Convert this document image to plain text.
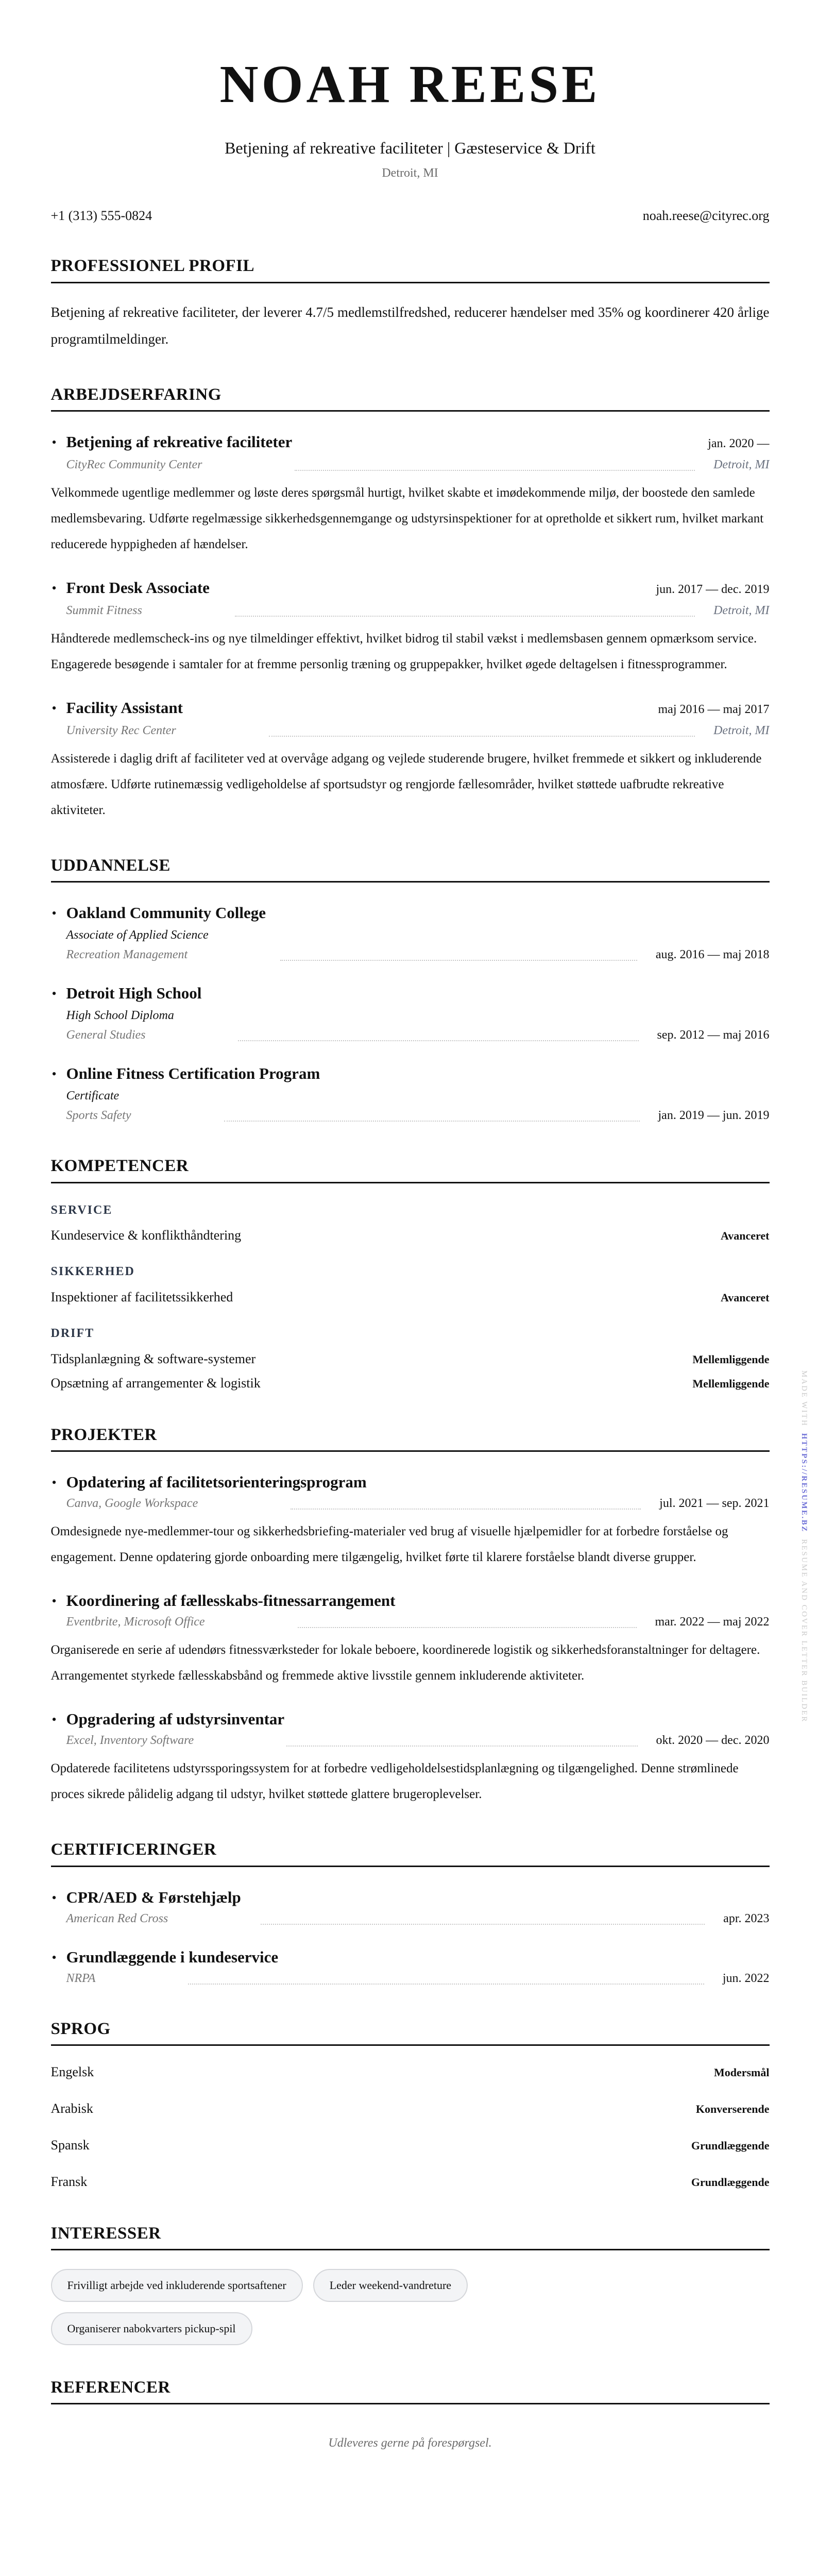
NOAH REESE
Betjening af rekreative faciliteter | Gæsteservice & Drift
Detroit, MI
+1 (313) 555-0824	noah.reese@cityrec.org
PROFESSIONEL PROFIL

Betjening af rekreative faciliteter, der leverer 4.7/5 medlemstilfredshed, reducerer hændelser med 35% og koordinerer 420 årlige programtilmeldinger.

ARBEJDSERFARING
• Betjening af rekreative faciliteter	jan. 2020 —
CityRec Community Center	Detroit, MI

Velkommede ugentlige medlemmer og løste deres spørgsmål hurtigt, hvilket skabte et imødekommende miljø, der boostede den samlede medlemsbevaring. Udførte regelmæssige sikkerhedsgennemgange og udstyrsinspektioner for at opretholde et sikkert rum, hvilket markant reducerede hyppigheden af hændelser.

• Front Desk Associate	jun. 2017 — dec. 2019
Summit Fitness	Detroit, MI

Håndterede medlemscheck-ins og nye tilmeldinger effektivt, hvilket bidrog til stabil vækst i medlemsbasen gennem opmærksom service. Engagerede besøgende i samtaler for at fremme personlig træning og gruppepakker, hvilket øgede deltagelsen i fitnessprogrammer.

• Facility Assistant	maj 2016 — maj 2017
University Rec Center	Detroit, MI

Assisterede i daglig drift af faciliteter ved at overvåge adgang og vejlede studerende brugere, hvilket fremmede et sikkert og inkluderende atmosfære. Udførte rutinemæssig vedligeholdelse af sportsudstyr og rengjorde fællesområder, hvilket støttede uafbrudte rekreative aktiviteter.

UDDANNELSE
• Oakland Community College
Associate of Applied Science
Recreation Management	aug. 2016 — maj 2018
• Detroit High School
High School Diploma
General Studies	sep. 2012 — maj 2016
• Online Fitness Certification Program
Certificate
Sports Safety	jan. 2019 — jun. 2019
KOMPETENCER
SERVICE
Kundeservice & konflikthåndtering	Avanceret
SIKKERHED
Inspektioner af facilitetssikkerhed	Avanceret
DRIFT
Tidsplanlægning & software-systemer	Mellemliggende
Opsætning af arrangementer & logistik	Mellemliggende
PROJEKTER
• Opdatering af facilitetsorienteringsprogram
Canva, Google Workspace	jul. 2021 — sep. 2021

Omdesignede nye-medlemmer-tour og sikkerhedsbriefing-materialer ved brug af visuelle hjælpemidler for at forbedre forståelse og engagement. Denne opdatering gjorde onboarding mere tilgængelig, hvilket førte til klarere forståelse blandt diverse grupper.

• Koordinering af fællesskabs-fitnessarrangement
Eventbrite, Microsoft Office	mar. 2022 — maj 2022

Organiserede en serie af udendørs fitnessværksteder for lokale beboere, koordinerede logistik og sikkerhedsforanstaltninger for deltagere. Arrangementet styrkede fællesskabsbånd og fremmede aktive livsstile gennem inkluderende aktiviteter.

• Opgradering af udstyrsinventar
Excel, Inventory Software	okt. 2020 — dec. 2020

Opdaterede facilitetens udstyrssporingssystem for at forbedre vedligeholdelsestidsplanlægning og tilgængelighed. Denne strømlinede proces sikrede pålidelig adgang til udstyr, hvilket støttede glattere brugeroplevelser.

CERTIFICERINGER
• CPR/AED & Førstehjælp
American Red Cross	apr. 2023
• Grundlæggende i kundeservice
NRPA	jun. 2022
SPROG
Engelsk	Modersmål
Arabisk	Konverserende
Spansk	Grundlæggende
Fransk	Grundlæggende
INTERESSER
Frivilligt arbejde ved inkluderende sportsaftener	Leder weekend-vandreture
Organiserer nabokvarters pickup-spil
REFERENCER
Udleveres gerne på forespørgsel.
MADE WITH  HTTPS://RESUME.BZ  RESUME AND COVER LETTER BUILDER
